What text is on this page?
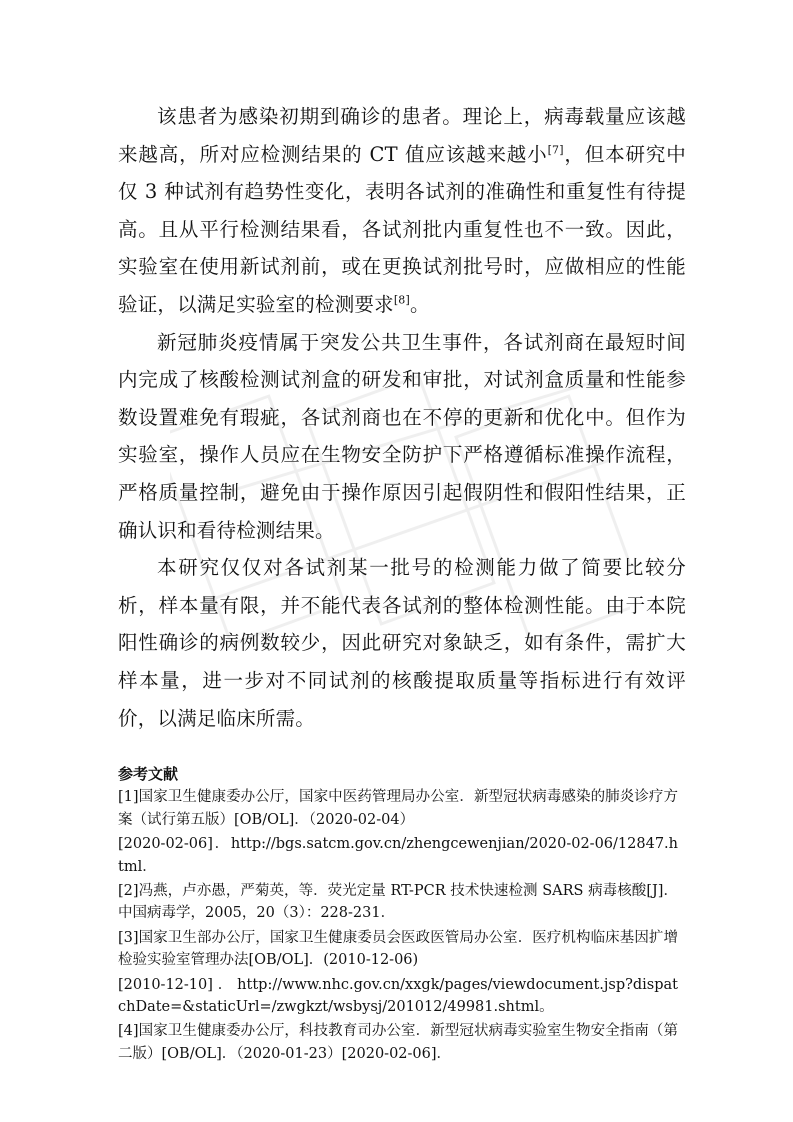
该患者为感染初期到确诊的患者。理论上，病毒载量应该越来越高，所对应检测结果的 CT 值应该越来越小[7]，但本研究中仅 3 种试剂有趋势性变化，表明各试剂的准确性和重复性有待提高。且从平行检测结果看，各试剂批内重复性也不一致。因此，实验室在使用新试剂前，或在更换试剂批号时，应做相应的性能验证，以满足实验室的检测要求[8]。

新冠肺炎疫情属于突发公共卫生事件，各试剂商在最短时间内完成了核酸检测试剂盒的研发和审批，对试剂盒质量和性能参数设置难免有瑕疵，各试剂商也在不停的更新和优化中。但作为实验室，操作人员应在生物安全防护下严格遵循标准操作流程，严格质量控制，避免由于操作原因引起假阴性和假阳性结果，正确认识和看待检测结果。

本研究仅仅对各试剂某一批号的检测能力做了简要比较分析，样本量有限，并不能代表各试剂的整体检测性能。由于本院阳性确诊的病例数较少，因此研究对象缺乏，如有条件，需扩大样本量，进一步对不同试剂的核酸提取质量等指标进行有效评价，以满足临床所需。

参考文献
[1]国家卫生健康委办公厅，国家中医药管理局办公室．新型冠状病毒感染的肺炎诊疗方案（试行第五版）[OB/OL]．（2020-02-04）
[2020-02-06]．http://bgs.satcm.gov.cn/zhengcewenjian/2020-02-06/12847.html．
[2]冯燕，卢亦愚，严菊英，等．荧光定量 RT-PCR 技术快速检测 SARS 病毒核酸[J]．中国病毒学，2005，20（3）：228-231．
[3]国家卫生部办公厅，国家卫生健康委员会医政医管局办公室．医疗机构临床基因扩增检验实验室管理办法[OB/OL]．(2010-12-06)
[2010-12-10] ． http://www.nhc.gov.cn/xxgk/pages/viewdocument.jsp?dispatchDate=&staticUrl=/zwgkzt/wsbysj/201012/49981.shtml。
[4]国家卫生健康委办公厅，科技教育司办公室．新型冠状病毒实验室生物安全指南（第二版）[OB/OL]．（2020-01-23）[2020-02-06]．
